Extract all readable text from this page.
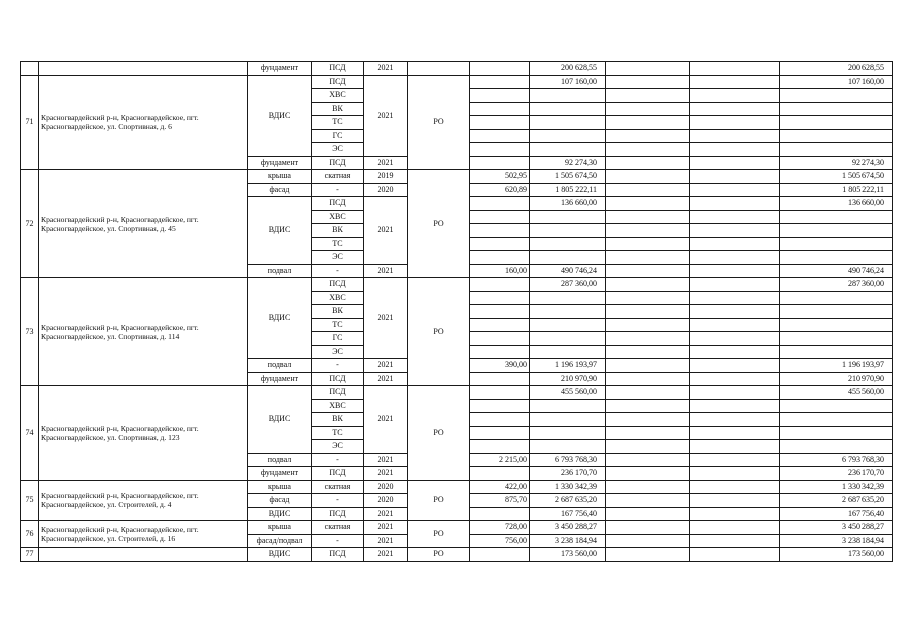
		фундамент	ПСД	2021			200 628,55			200 628,55
71	Красногвардейский р-н, Красногвардейское, пгт. Красногвардейское, ул. Спортивная, д. 6	ВДИС	ПСД	2021	РО		107 160,00			107 160,00
			ХВС							
			ВК							
			ТС							
			ГС							
			ЭС							
		фундамент	ПСД	2021			92 274,30			92 274,30
72	Красногвардейский р-н, Красногвардейское, пгт. Красногвардейское, ул. Спортивная, д. 45	крыша	скатная	2019	РО	502,95	1 505 674,50			1 505 674,50
		фасад	-	2020		620,89	1 805 222,11			1 805 222,11
		ВДИС	ПСД	2021			136 660,00			136 660,00
			ХВС							
			ВК							
			ТС							
			ЭС							
		подвал	-	2021		160,00	490 746,24			490 746,24
73	Красногвардейский р-н, Красногвардейское, пгт. Красногвардейское, ул. Спортивная, д. 114	ВДИС	ПСД	2021	РО		287 360,00			287 360,00
			ХВС							
			ВК							
			ТС							
			ГС							
			ЭС							
		подвал	-	2021		390,00	1 196 193,97			1 196 193,97
		фундамент	ПСД	2021			210 970,90			210 970,90
74	Красногвардейский р-н, Красногвардейское, пгт. Красногвардейское, ул. Спортивная, д. 123	ВДИС	ПСД	2021	РО		455 560,00			455 560,00
			ХВС							
			ВК							
			ТС							
			ЭС							
		подвал	-	2021		2 215,00	6 793 768,30			6 793 768,30
		фундамент	ПСД	2021			236 170,70			236 170,70
75	Красногвардейский р-н, Красногвардейское, пгт. Красногвардейское, ул. Строителей, д. 4	крыша	скатная	2020	РО	422,00	1 330 342,39			1 330 342,39
		фасад	-	2020		875,70	2 687 635,20			2 687 635,20
		ВДИС	ПСД	2021			167 756,40			167 756,40
76	Красногвардейский р-н, Красногвардейское, пгт. Красногвардейское, ул. Строителей, д. 16	крыша	скатная	2021	РО	728,00	3 450 288,27			3 450 288,27
		фасад/подвал	-	2021		756,00	3 238 184,94			3 238 184,94
77		ВДИС	ПСД	2021	РО		173 560,00			173 560,00
